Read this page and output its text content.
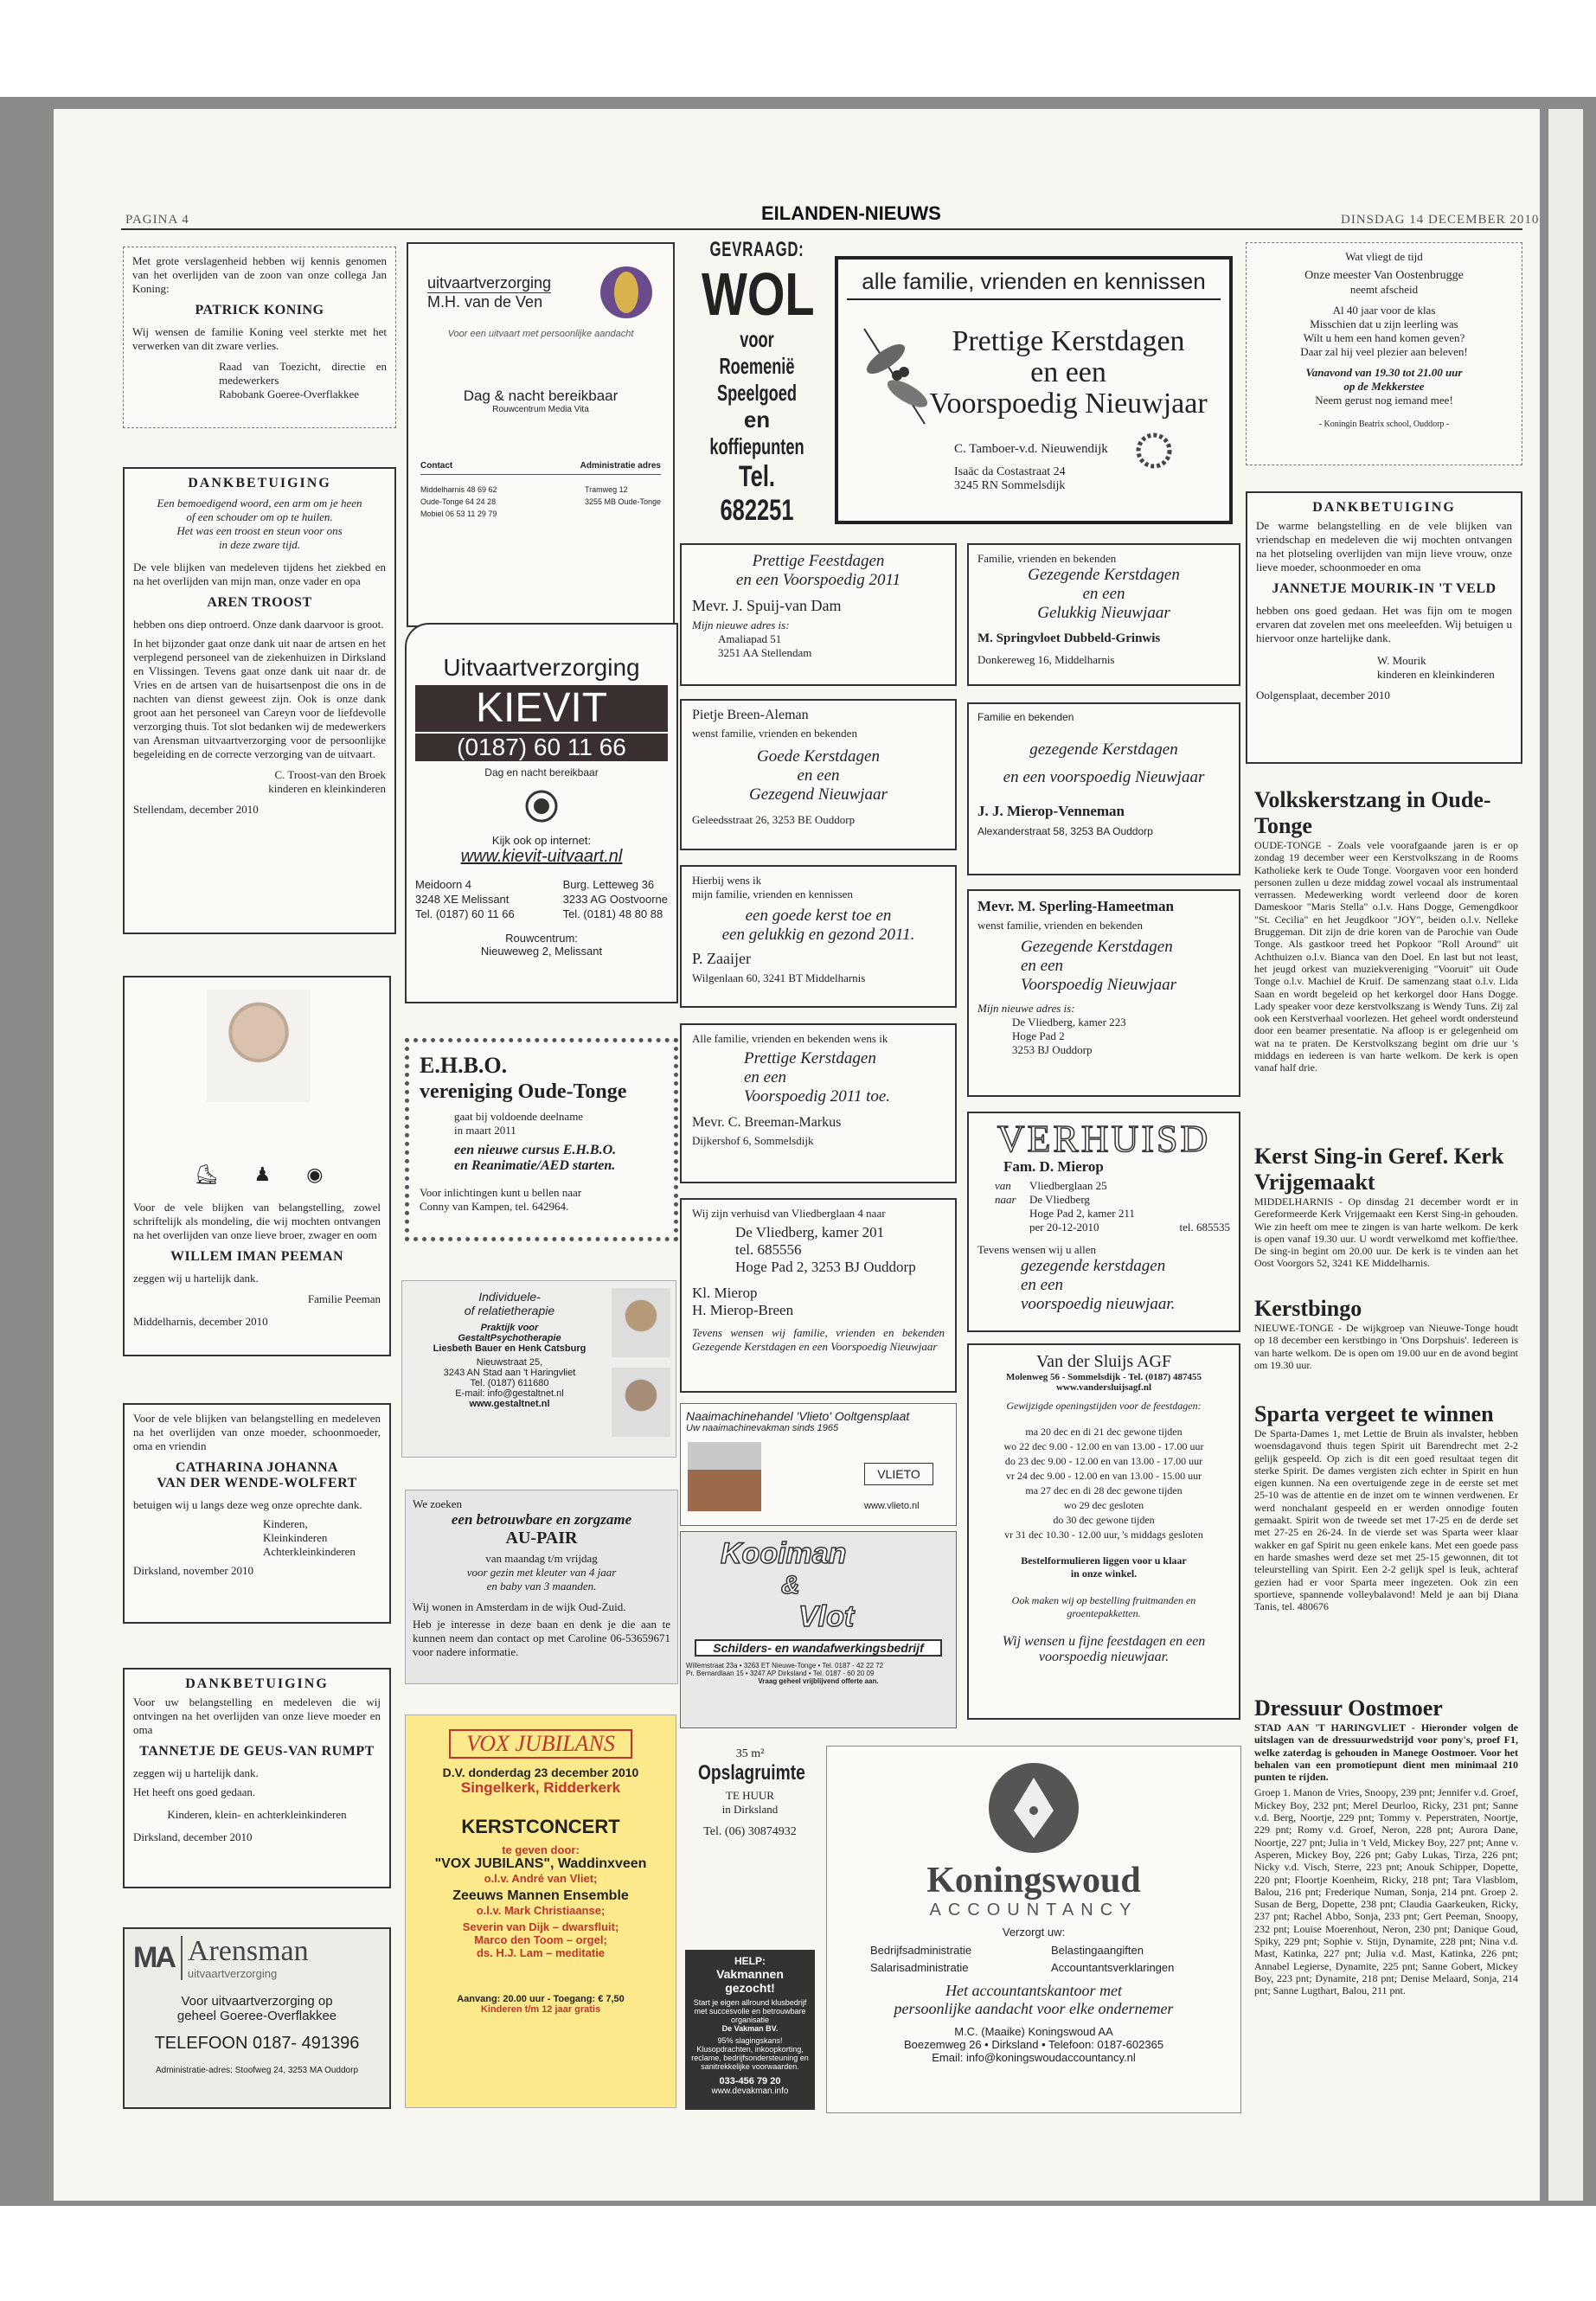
PAGINA 4	EILANDEN-NIEUWS	DINSDAG 14 DECEMBER 2010
Met grote verslagenheid hebben wij kennis genomen van het overlijden van de zoon van onze collega Jan Koning:
PATRICK KONING
Wij wensen de familie Koning veel sterkte met het verwerken van dit zware verlies.
Raad van Toezicht, directie en medewerkers
Rabobank Goeree-Overflakkee
DANKBETUIGING
Een bemoedigend woord, een arm om je heen
of een schouder om op te huilen.
Het was een troost en steun voor ons
in deze zware tijd.
De vele blijken van medeleven tijdens het ziekbed en na het overlijden van mijn man, onze vader en opa
AREN TROOST
hebben ons diep ontroerd. Onze dank daarvoor is groot.
In het bijzonder gaat onze dank uit naar de artsen en het verplegend personeel van de ziekenhuizen in Dirksland en Vlissingen. Tevens gaat onze dank uit naar dr. de Vries en de artsen van de huisartsenpost die ons in de nachten van dienst geweest zijn. Ook is onze dank groot aan het personeel van Careyn voor de liefdevolle verzorging thuis. Tot slot bedanken wij de medewerkers van Arensman uitvaartverzorging voor de persoonlijke begeleiding en de correcte verzorging van de uitvaart.
C. Troost-van den Broek
kinderen en kleinkinderen
Stellendam, december 2010
⛸ ♟ ◉
Voor de vele blijken van belangstelling, zowel schriftelijk als mondeling, die wij mochten ontvangen na het overlijden van onze lieve broer, zwager en oom
WILLEM IMAN PEEMAN
zeggen wij u hartelijk dank.
Familie Peeman
Middelharnis, december 2010
Voor de vele blijken van belangstelling en medeleven na het overlijden van onze moeder, schoonmoeder, oma en vriendin
CATHARINA JOHANNA
VAN DER WENDE-WOLFERT
betuigen wij u langs deze weg onze oprechte dank.
Kinderen,
Kleinkinderen
Achterkleinkinderen
Dirksland, november 2010
DANKBETUIGING
Voor uw belangstelling en medeleven die wij ontvingen na het overlijden van onze lieve moeder en oma
TANNETJE DE GEUS-VAN RUMPT
zeggen wij u hartelijk dank.
Het heeft ons goed gedaan.
Kinderen, klein- en achterkleinkinderen
Dirksland, december 2010
MA Arensman
uitvaartverzorging
Voor uitvaartverzorging op
geheel Goeree-Overflakkee
TELEFOON 0187- 491396
Administratie-adres: Stoofweg 24, 3253 MA Ouddorp
uitvaartverzorging
M.H. van de Ven
Voor een uitvaart met persoonlijke aandacht
Dag & nacht bereikbaar
Rouwcentrum Media Vita
Contact	Administratie adres
Middelharnis 48 69 62
Oude-Tonge 64 24 28
Mobiel 06 53 11 29 79
Tramweg 12
3255 MB Oude-Tonge
Uitvaartverzorging
KIEVIT
(0187) 60 11 66
Dag en nacht bereikbaar
Kijk ook op internet:
www.kievit-uitvaart.nl
Meidoorn 4
3248 XE Melissant
Tel. (0187) 60 11 66
Burg. Letteweg 36
3233 AG Oostvoorne
Tel. (0181) 48 80 88
Rouwcentrum:
Nieuweweg 2, Melissant
E.H.B.O.
vereniging Oude-Tonge
gaat bij voldoende deelname
in maart 2011
een nieuwe cursus E.H.B.O.
en Reanimatie/AED starten.
Voor inlichtingen kunt u bellen naar
Conny van Kampen, tel. 642964.
Individuele-
of relatietherapie
Praktijk voor
GestaltPsychotherapie
Liesbeth Bauer en Henk Catsburg
Nieuwstraat 25,
3243 AN Stad aan 't Haringvliet
Tel. (0187) 611680
E-mail: info@gestaltnet.nl
www.gestaltnet.nl
We zoeken
een betrouwbare en zorgzame
AU-PAIR
van maandag t/m vrijdag
voor gezin met kleuter van 4 jaar
en baby van 3 maanden.
Wij wonen in Amsterdam in de wijk Oud-Zuid.
Heb je interesse in deze baan en denk je die aan te kunnen neem dan contact op met Caroline 06-53659671 voor nadere informatie.
VOX JUBILANS
D.V. donderdag 23 december 2010
Singelkerk, Ridderkerk
KERSTCONCERT
te geven door:
"VOX JUBILANS", Waddinxveen
o.l.v. André van Vliet;
Zeeuws Mannen Ensemble
o.l.v. Mark Christiaanse;
Severin van Dijk – dwarsfluit;
Marco den Toom – orgel;
ds. H.J. Lam – meditatie
Aanvang: 20.00 uur - Toegang: € 7,50
Kinderen t/m 12 jaar gratis
GEVRAAGD:
WOL
voor Roemenië
Speelgoed
en
koffiepunten
Tel. 682251
Prettige Feestdagen
en een Voorspoedig 2011
Mevr. J. Spuij-van Dam
Mijn nieuwe adres is:
Amaliapad 51
3251 AA Stellendam
Pietje Breen-Aleman
wenst familie, vrienden en bekenden
Goede Kerstdagen
en een
Gezegend Nieuwjaar
Geleedsstraat 26, 3253 BE Ouddorp
Hierbij wens ik
mijn familie, vrienden en kennissen
een goede kerst toe en
een gelukkig en gezond 2011.
P. Zaaijer
Wilgenlaan 60, 3241 BT Middelharnis
Alle familie, vrienden en bekenden wens ik
Prettige Kerstdagen
en een
Voorspoedig 2011 toe.
Mevr. C. Breeman-Markus
Dijkershof 6, Sommelsdijk
Wij zijn verhuisd van Vliedberglaan 4 naar
De Vliedberg, kamer 201
tel. 685556
Hoge Pad 2, 3253 BJ Ouddorp
Kl. Mierop
H. Mierop-Breen
Tevens wensen wij familie, vrienden en bekenden Gezegende Kerstdagen en een Voorspoedig Nieuwjaar
Naaimachinehandel 'Vlieto' Ooltgensplaat
Uw naaimachinevakman sinds 1965
VLIETO
www.vlieto.nl
Kooiman
&
Vlot
Schilders- en wandafwerkingsbedrijf
Willemstraat 23a • 3263 ET Nieuwe-Tonge • Tel. 0187 - 42 22 72
Pr. Bernardlaan 15 • 3247 AP Dirksland • Tel. 0187 - 60 20 09
Vraag geheel vrijblijvend offerte aan.
35 m²
Opslagruimte
TE HUUR
in Dirksland
Tel. (06) 30874932
HELP:
Vakmannen gezocht!
Start je eigen allround klusbedrijf met succesvolle en betrouwbare organisatie
De Vakman BV.
95% slagingskans!
Klusopdrachten, inkoopkorting, reclame, bedrijfsondersteuning en sanitrekkelijke voorwaarden.
033-456 79 20
www.devakman.info
alle familie, vrienden en kennissen
Prettige Kerstdagen
en een
Voorspoedig Nieuwjaar
C. Tamboer-v.d. Nieuwendijk
Isaäc da Costastraat 24
3245 RN Sommelsdijk
Familie, vrienden en bekenden
Gezegende Kerstdagen
en een
Gelukkig Nieuwjaar
M. Springvloet Dubbeld-Grinwis
Donkereweg 16, Middelharnis
Familie en bekenden
gezegende Kerstdagen
en een voorspoedig Nieuwjaar
J. J. Mierop-Venneman
Alexanderstraat 58, 3253 BA Ouddorp
Mevr. M. Sperling-Hameetman
wenst familie, vrienden en bekenden
Gezegende Kerstdagen
en een
Voorspoedig Nieuwjaar
Mijn nieuwe adres is:
De Vliedberg, kamer 223
Hoge Pad 2
3253 BJ Ouddorp
VERHUISD
Fam. D. Mierop
van	Vliedberglaan 25
naar	De Vliedberg
Hoge Pad 2, kamer 211
per 20-12-2010	tel. 685535
Tevens wensen wij u allen
gezegende kerstdagen
en een
voorspoedig nieuwjaar.
Van der Sluijs AGF
Molenweg 56 - Sommelsdijk - Tel. (0187) 487455
www.vandersluijsagf.nl
Gewijzigde openingstijden voor de feestdagen:
ma 20 dec en di 21 dec gewone tijden
wo 22 dec 9.00 - 12.00 en van 13.00 - 17.00 uur
do 23 dec 9.00 - 12.00 en van 13.00 - 17.00 uur
vr 24 dec 9.00 - 12.00 en van 13.00 - 15.00 uur
ma 27 dec en di 28 dec gewone tijden
wo 29 dec gesloten
do 30 dec gewone tijden
vr 31 dec 10.30 - 12.00 uur, 's middags gesloten
Bestelformulieren liggen voor u klaar
in onze winkel.
Ook maken wij op bestelling fruitmanden en
groentepakketten.
Wij wensen u fijne feestdagen en een voorspoedig nieuwjaar.
Koningswoud
ACCOUNTANCY
Verzorgt uw:
Bedrijfsadministratie	Belastingaangiften
Salarisadministratie	Accountantsverklaringen
Het accountantskantoor met
persoonlijke aandacht voor elke ondernemer
M.C. (Maaike) Koningswoud AA
Boezemweg 26 • Dirksland • Telefoon: 0187-602365
Email: info@koningswoudaccountancy.nl
Wat vliegt de tijd
Onze meester Van Oostenbrugge
neemt afscheid
Al 40 jaar voor de klas
Misschien dat u zijn leerling was
Wilt u hem een hand komen geven?
Daar zal hij veel plezier aan beleven!
Vanavond van 19.30 tot 21.00 uur
op de Mekkerstee
Neem gerust nog iemand mee!
- Koningin Beatrix school, Ouddorp -
DANKBETUIGING
De warme belangstelling en de vele blijken van vriendschap en medeleven die wij mochten ontvangen na het plotseling overlijden van mijn lieve vrouw, onze lieve moeder, schoonmoeder en oma
JANNETJE MOURIK-IN 'T VELD
hebben ons goed gedaan. Het was fijn om te mogen ervaren dat zovelen met ons meeleefden. Wij betuigen u hiervoor onze hartelijke dank.
W. Mourik
kinderen en kleinkinderen
Oolgensplaat, december 2010
Volkskerstzang in Oude-Tonge
OUDE-TONGE - Zoals vele voorafgaande jaren is er op zondag 19 december weer een Kerstvolkszang in de Rooms Katholieke kerk te Oude Tonge. Voorgaven voor een honderd personen zullen u deze middag zowel vocaal als instrumentaal verrassen. Medewerking wordt verleend door de koren Dameskoor "Maris Stella" o.l.v. Hans Dogge, Gemengdkoor "St. Cecilia" en het Jeugdkoor "JOY", beiden o.l.v. Nelleke Bruggeman. Dit zijn de drie koren van de Parochie van Oude Tonge. Als gastkoor treed het Popkoor "Roll Around" uit Achthuizen o.l.v. Bianca van den Doel. En last but not least, het jeugd orkest van muziekvereniging "Vooruit" uit Oude Tonge o.l.v. Machiel de Kruif. De samenzang staat o.l.v. Lida Saan en wordt begeleid op het kerkorgel door Hans Dogge. Lady speaker voor deze kerstvolkszang is Wendy Tuns. Zij zal ook een Kerstverhaal voorlezen. Het geheel wordt ondersteund door een beamer presentatie. Na afloop is er gelegenheid om wat na te praten. De Kerstvolkszang begint om drie uur 's middags en iedereen is van harte welkom. De kerk is open vanaf half drie.
Kerst Sing-in Geref. Kerk Vrijgemaakt
MIDDELHARNIS - Op dinsdag 21 december wordt er in Gereformeerde Kerk Vrijgemaakt een Kerst Sing-in gehouden. Wie zin heeft om mee te zingen is van harte welkom. De kerk is open vanaf 19.30 uur. U wordt verwelkomd met koffie/thee. De sing-in begint om 20.00 uur. De kerk is te vinden aan het Oost Voorgors 52, 3241 KE Middelharnis.
Kerstbingo
NIEUWE-TONGE - De wijkgroep van Nieuwe-Tonge houdt op 18 december een kerstbingo in 'Ons Dorpshuis'. Iedereen is van harte welkom. De is open om 19.00 uur en de avond begint om 19.30 uur.
Sparta vergeet te winnen
De Sparta-Dames 1, met Lettie de Bruin als invalster, hebben woensdagavond thuis tegen Spirit uit Barendrecht met 2-2 gelijk gespeeld. Op zich is dit een goed resultaat tegen dit sterke Spirit. De dames vergisten zich echter in Spirit en hun eigen kunnen. Na een overtuigende zege in de eerste set met 25-10 was de attentie en de inzet om te winnen verdwenen. Er werd nonchalant gespeeld en er werden onnodige fouten gemaakt. Spirit won de tweede set met 17-25 en de derde set met 27-25 en 26-24. In de vierde set was Sparta weer klaar wakker en gaf Spirit nu geen enkele kans. Met een goede pass en harde smashes werd deze set met 25-15 gewonnen, dit tot teleurstelling van Spirit. Een 2-2 gelijk spel is leuk, achteraf gezien had er voor Sparta meer ingezeten. Ook zin een sportieve, spannende volleybalavond! Meld je aan bij Diana Tanis, tel. 480676
Dressuur Oostmoer
STAD AAN 'T HARINGVLIET - Hieronder volgen de uitslagen van de dressuurwedstrijd voor pony's, proef F1, welke zaterdag is gehouden in Manege Oostmoer. Voor het behalen van een promotiepunt dient men minimaal 210 punten te rijden.
Groep 1. Manon de Vries, Snoopy, 239 pnt; Jennifer v.d. Groef, Mickey Boy, 232 pnt; Merel Deurloo, Ricky, 231 pnt; Sanne v.d. Berg, Noortje, 229 pnt; Tommy v. Peperstraten, Noortje, 229 pnt; Romy v.d. Groef, Neron, 228 pnt; Aurora Dane, Noortje, 227 pnt; Julia in 't Veld, Mickey Boy, 227 pnt; Anne v. Asperen, Mickey Boy, 226 pnt; Gaby Lukas, Tirza, 226 pnt; Nicky v.d. Visch, Sterre, 223 pnt; Anouk Schipper, Dopette, 220 pnt; Floortje Koenheim, Ricky, 218 pnt; Tara Vlasblom, Balou, 216 pnt; Frederique Numan, Sonja, 214 pnt. Groep 2. Susan de Berg, Dopette, 238 pnt; Claudia Gaarkeuken, Ricky, 237 pnt; Rachel Abbo, Sonja, 233 pnt; Gert Peeman, Snoopy, 232 pnt; Louise Moerenhout, Neron, 230 pnt; Danique Goud, Spiky, 229 pnt; Sophie v. Stijn, Dynamite, 228 pnt; Nina v.d. Mast, Katinka, 227 pnt; Julia v.d. Mast, Katinka, 226 pnt; Annabel Legierse, Dynamite, 225 pnt; Sanne Gobert, Mickey Boy, 223 pnt; Dynamite, 218 pnt; Denise Melaard, Sonja, 214 pnt; Sanne Lugthart, Balou, 211 pnt.
